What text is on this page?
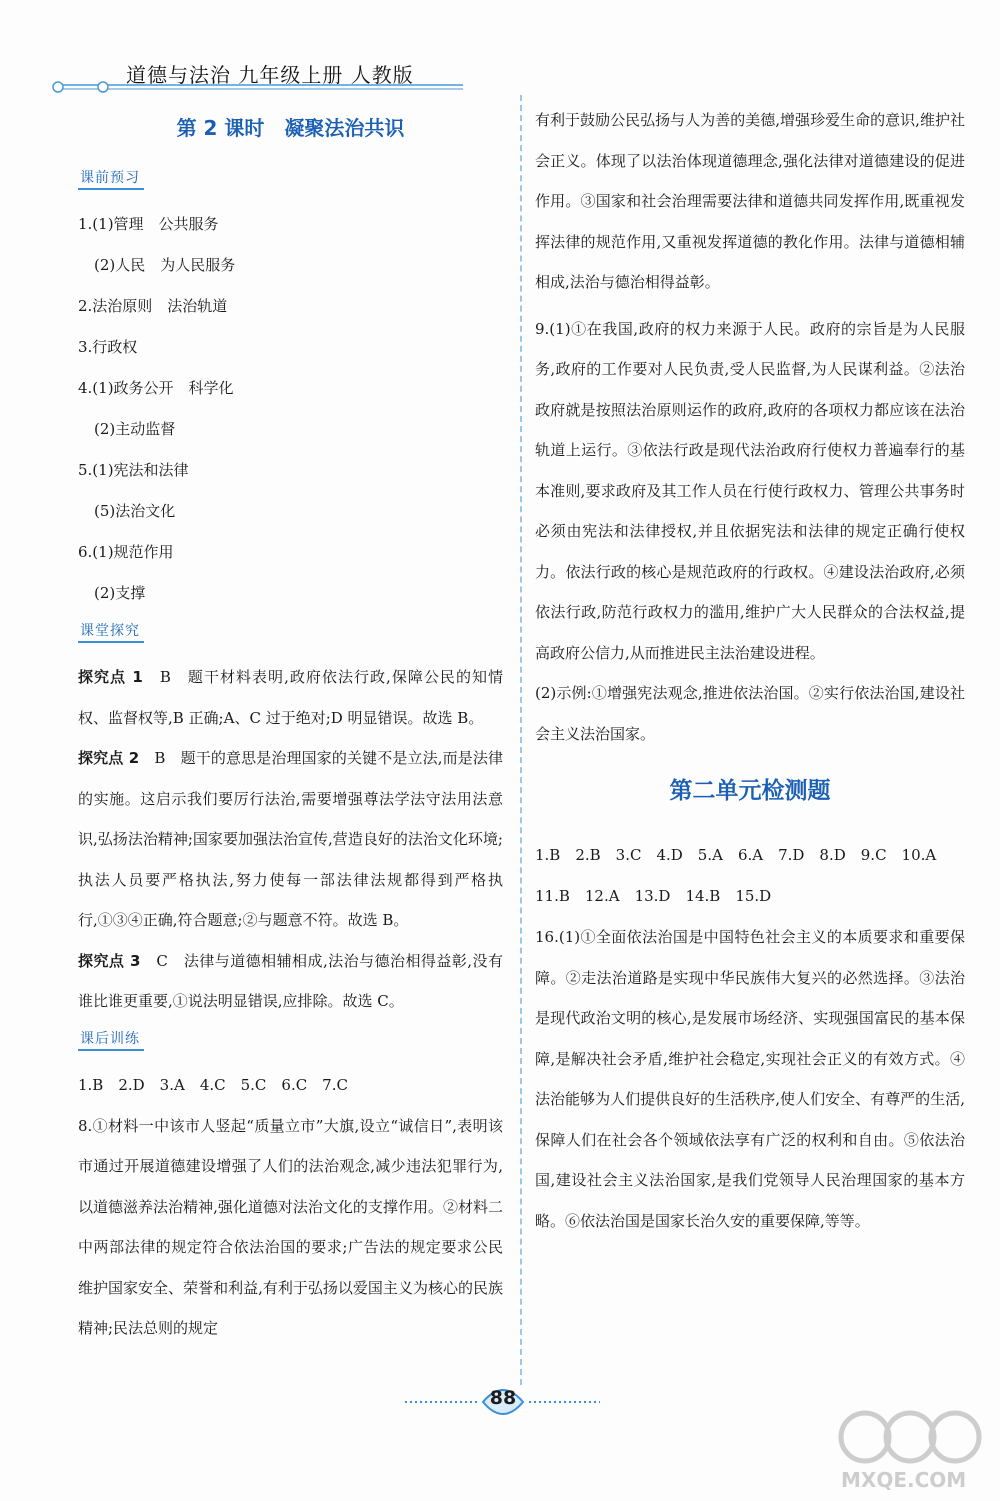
道德与法治 九年级上册 人教版
第 2 课时　凝聚法治共识
课前预习
1.(1)管理　公共服务
(2)人民　为人民服务
2.法治原则　法治轨道
3.行政权
4.(1)政务公开　科学化
(2)主动监督
5.(1)宪法和法律
(5)法治文化
6.(1)规范作用
(2)支撑
课堂探究

探究点 1　B　题干材料表明,政府依法行政,保障公民的知情权、监督权等,B 正确;A、C 过于绝对;D 明显错误。故选 B。

探究点 2　B　题干的意思是治理国家的关键不是立法,而是法律的实施。这启示我们要厉行法治,需要增强尊法学法守法用法意识,弘扬法治精神;国家要加强法治宣传,营造良好的法治文化环境;执法人员要严格执法,努力使每一部法律法规都得到严格执行,①③④正确,符合题意;②与题意不符。故选 B。

探究点 3　C　法律与道德相辅相成,法治与德治相得益彰,没有谁比谁更重要,①说法明显错误,应排除。故选 C。

课后训练
1.B　2.D　3.A　4.C　5.C　6.C　7.C

8.①材料一中该市人竖起“质量立市”大旗,设立“诚信日”,表明该市通过开展道德建设增强了人们的法治观念,减少违法犯罪行为,以道德滋养法治精神,强化道德对法治文化的支撑作用。②材料二中两部法律的规定符合依法治国的要求;广告法的规定要求公民维护国家安全、荣誉和利益,有利于弘扬以爱国主义为核心的民族精神;民法总则的规定

有利于鼓励公民弘扬与人为善的美德,增强珍爱生命的意识,维护社会正义。体现了以法治体现道德理念,强化法律对道德建设的促进作用。③国家和社会治理需要法律和道德共同发挥作用,既重视发挥法律的规范作用,又重视发挥道德的教化作用。法律与道德相辅相成,法治与德治相得益彰。

9.(1)①在我国,政府的权力来源于人民。政府的宗旨是为人民服务,政府的工作要对人民负责,受人民监督,为人民谋利益。②法治政府就是按照法治原则运作的政府,政府的各项权力都应该在法治轨道上运行。③依法行政是现代法治政府行使权力普遍奉行的基本准则,要求政府及其工作人员在行使行政权力、管理公共事务时必须由宪法和法律授权,并且依据宪法和法律的规定正确行使权力。依法行政的核心是规范政府的行政权。④建设法治政府,必须依法行政,防范行政权力的滥用,维护广大人民群众的合法权益,提高政府公信力,从而推进民主法治建设进程。

(2)示例:①增强宪法观念,推进依法治国。②实行依法治国,建设社会主义法治国家。

第二单元检测题
1.B　2.B　3.C　4.D　5.A　6.A　7.D　8.D　9.C　10.A
11.B　12.A　13.D　14.B　15.D

16.(1)①全面依法治国是中国特色社会主义的本质要求和重要保障。②走法治道路是实现中华民族伟大复兴的必然选择。③法治是现代政治文明的核心,是发展市场经济、实现强国富民的基本保障,是解决社会矛盾,维护社会稳定,实现社会正义的有效方式。④法治能够为人们提供良好的生活秩序,使人们安全、有尊严的生活,保障人们在社会各个领域依法享有广泛的权利和自由。⑤依法治国,建设社会主义法治国家,是我们党领导人民治理国家的基本方略。⑥依法治国是国家长治久安的重要保障,等等。

88
MXQE.COM
